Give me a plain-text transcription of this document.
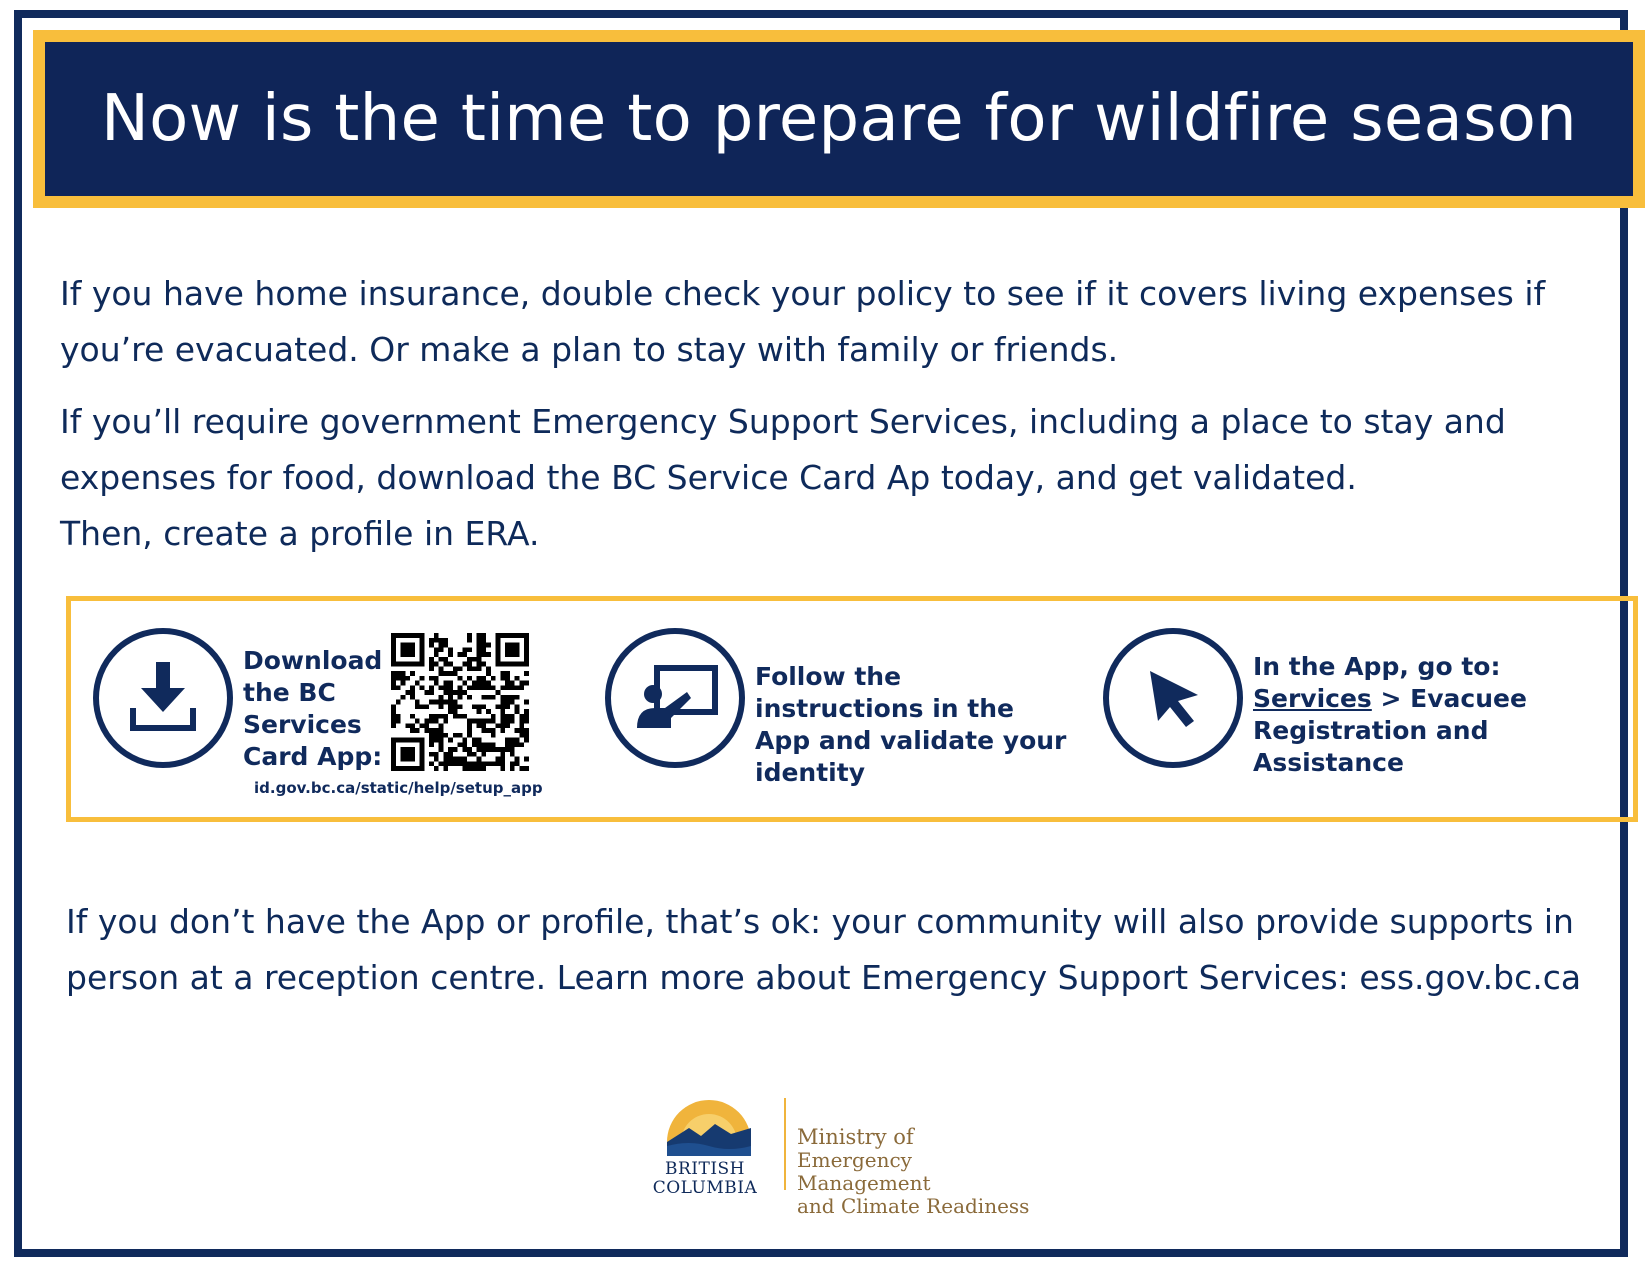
Now is the time to prepare for wildfire season

If you have home insurance, double check your policy to see if it covers living expenses if you’re evacuated. Or make a plan to stay with family or friends.

If you’ll require government Emergency Support Services, including a place to stay and expenses for food, download the BC Service Card Ap today, and get validated.
Then, create a profile in ERA.

Download
the BC
Services
Card App:
id.gov.bc.ca/static/help/setup_app
Follow the instructions in the App and validate your identity
In the App, go to:
Services > Evacuee Registration and Assistance

If you don’t have the App or profile, that’s ok: your community will also provide supports in person at a reception centre. Learn more about Emergency Support Services: ess.gov.bc.ca

BRITISH
COLUMBIA
Ministry of
Emergency Management
and Climate Readiness
